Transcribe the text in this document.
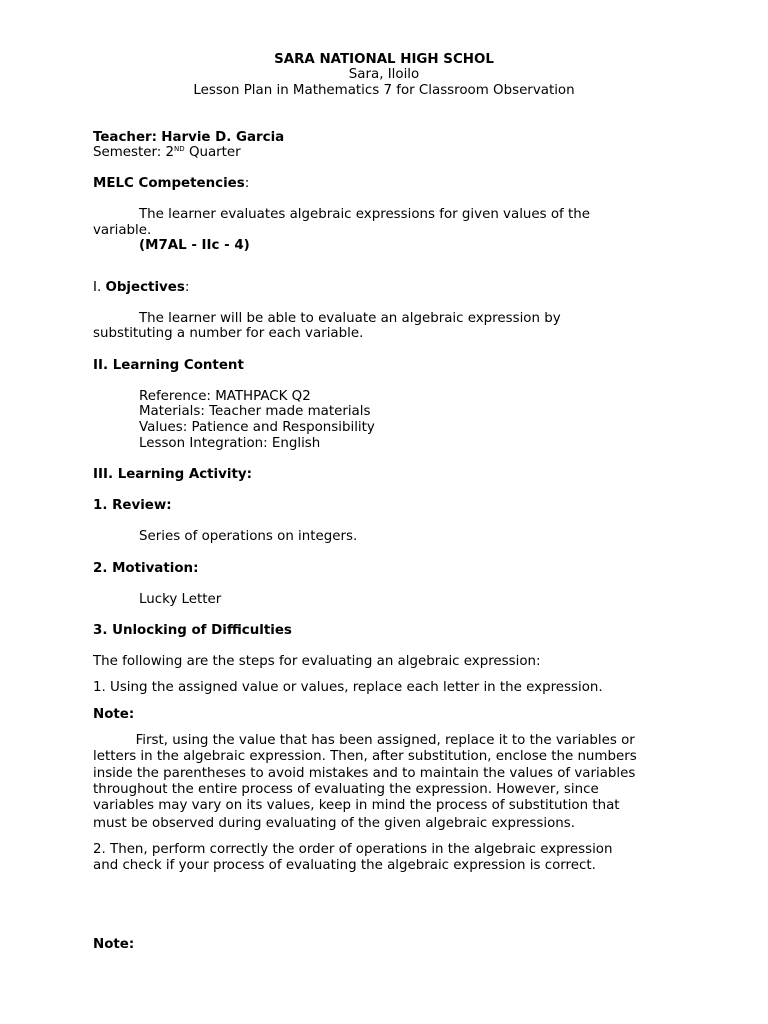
SARA NATIONAL HIGH SCHOL
Sara, Iloilo
Lesson Plan in Mathematics 7 for Classroom Observation
Teacher: Harvie D. Garcia
Semester: 2ND Quarter
MELC Competencies:
The learner evaluates algebraic expressions for given values of the
variable.
(M7AL - IIc - 4)
I. Objectives:
The learner will be able to evaluate an algebraic expression by
substituting a number for each variable.
II. Learning Content
Reference: MATHPACK Q2
Materials: Teacher made materials
Values: Patience and Responsibility
Lesson Integration: English
III. Learning Activity:
1. Review:
Series of operations on integers.
2. Motivation:
Lucky Letter
3. Unlocking of Difficulties
The following are the steps for evaluating an algebraic expression:
1. Using the assigned value or values, replace each letter in the expression.
Note:
First, using the value that has been assigned, replace it to the variables or
letters in the algebraic expression. Then, after substitution, enclose the numbers
inside the parentheses to avoid mistakes and to maintain the values of variables
throughout the entire process of evaluating the expression. However, since
variables may vary on its values, keep in mind the process of substitution that
must be observed during evaluating of the given algebraic expressions.
2. Then, perform correctly the order of operations in the algebraic expression
and check if your process of evaluating the algebraic expression is correct.
Note:
